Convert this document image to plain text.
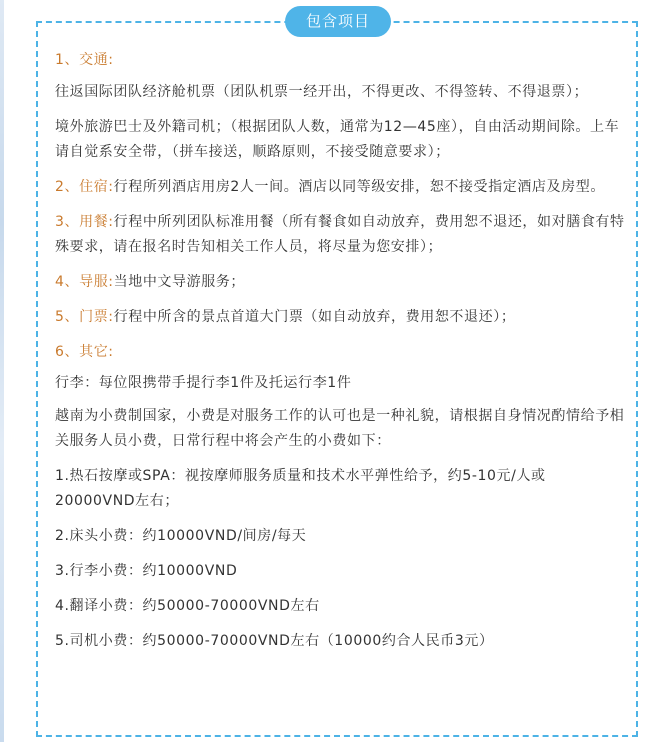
包含项目

1、交通:

往返国际团队经济舱机票（团队机票一经开出，不得更改、不得签转、不得退票）；

境外旅游巴士及外籍司机；（根据团队人数，通常为12—45座），自由活动期间除。上车请自觉系安全带，（拼车接送，顺路原则，不接受随意要求）；

2、住宿:行程所列酒店用房2人一间。酒店以同等级安排，恕不接受指定酒店及房型。

3、用餐:行程中所列团队标准用餐（所有餐食如自动放弃，费用恕不退还，如对膳食有特殊要求，请在报名时告知相关工作人员，将尽量为您安排）；

4、导服:当地中文导游服务；

5、门票:行程中所含的景点首道大门票（如自动放弃，费用恕不退还）；

6、其它:

行李：每位限携带手提行李1件及托运行李1件

越南为小费制国家，小费是对服务工作的认可也是一种礼貌，请根据自身情况酌情给予相关服务人员小费，日常行程中将会产生的小费如下：

1.热石按摩或SPA：视按摩师服务质量和技术水平弹性给予，约5-10元/人或20000VND左右；

2.床头小费：约10000VND/间房/每天

3.行李小费：约10000VND

4.翻译小费：约50000-70000VND左右

5.司机小费：约50000-70000VND左右（10000约合人民币3元）
